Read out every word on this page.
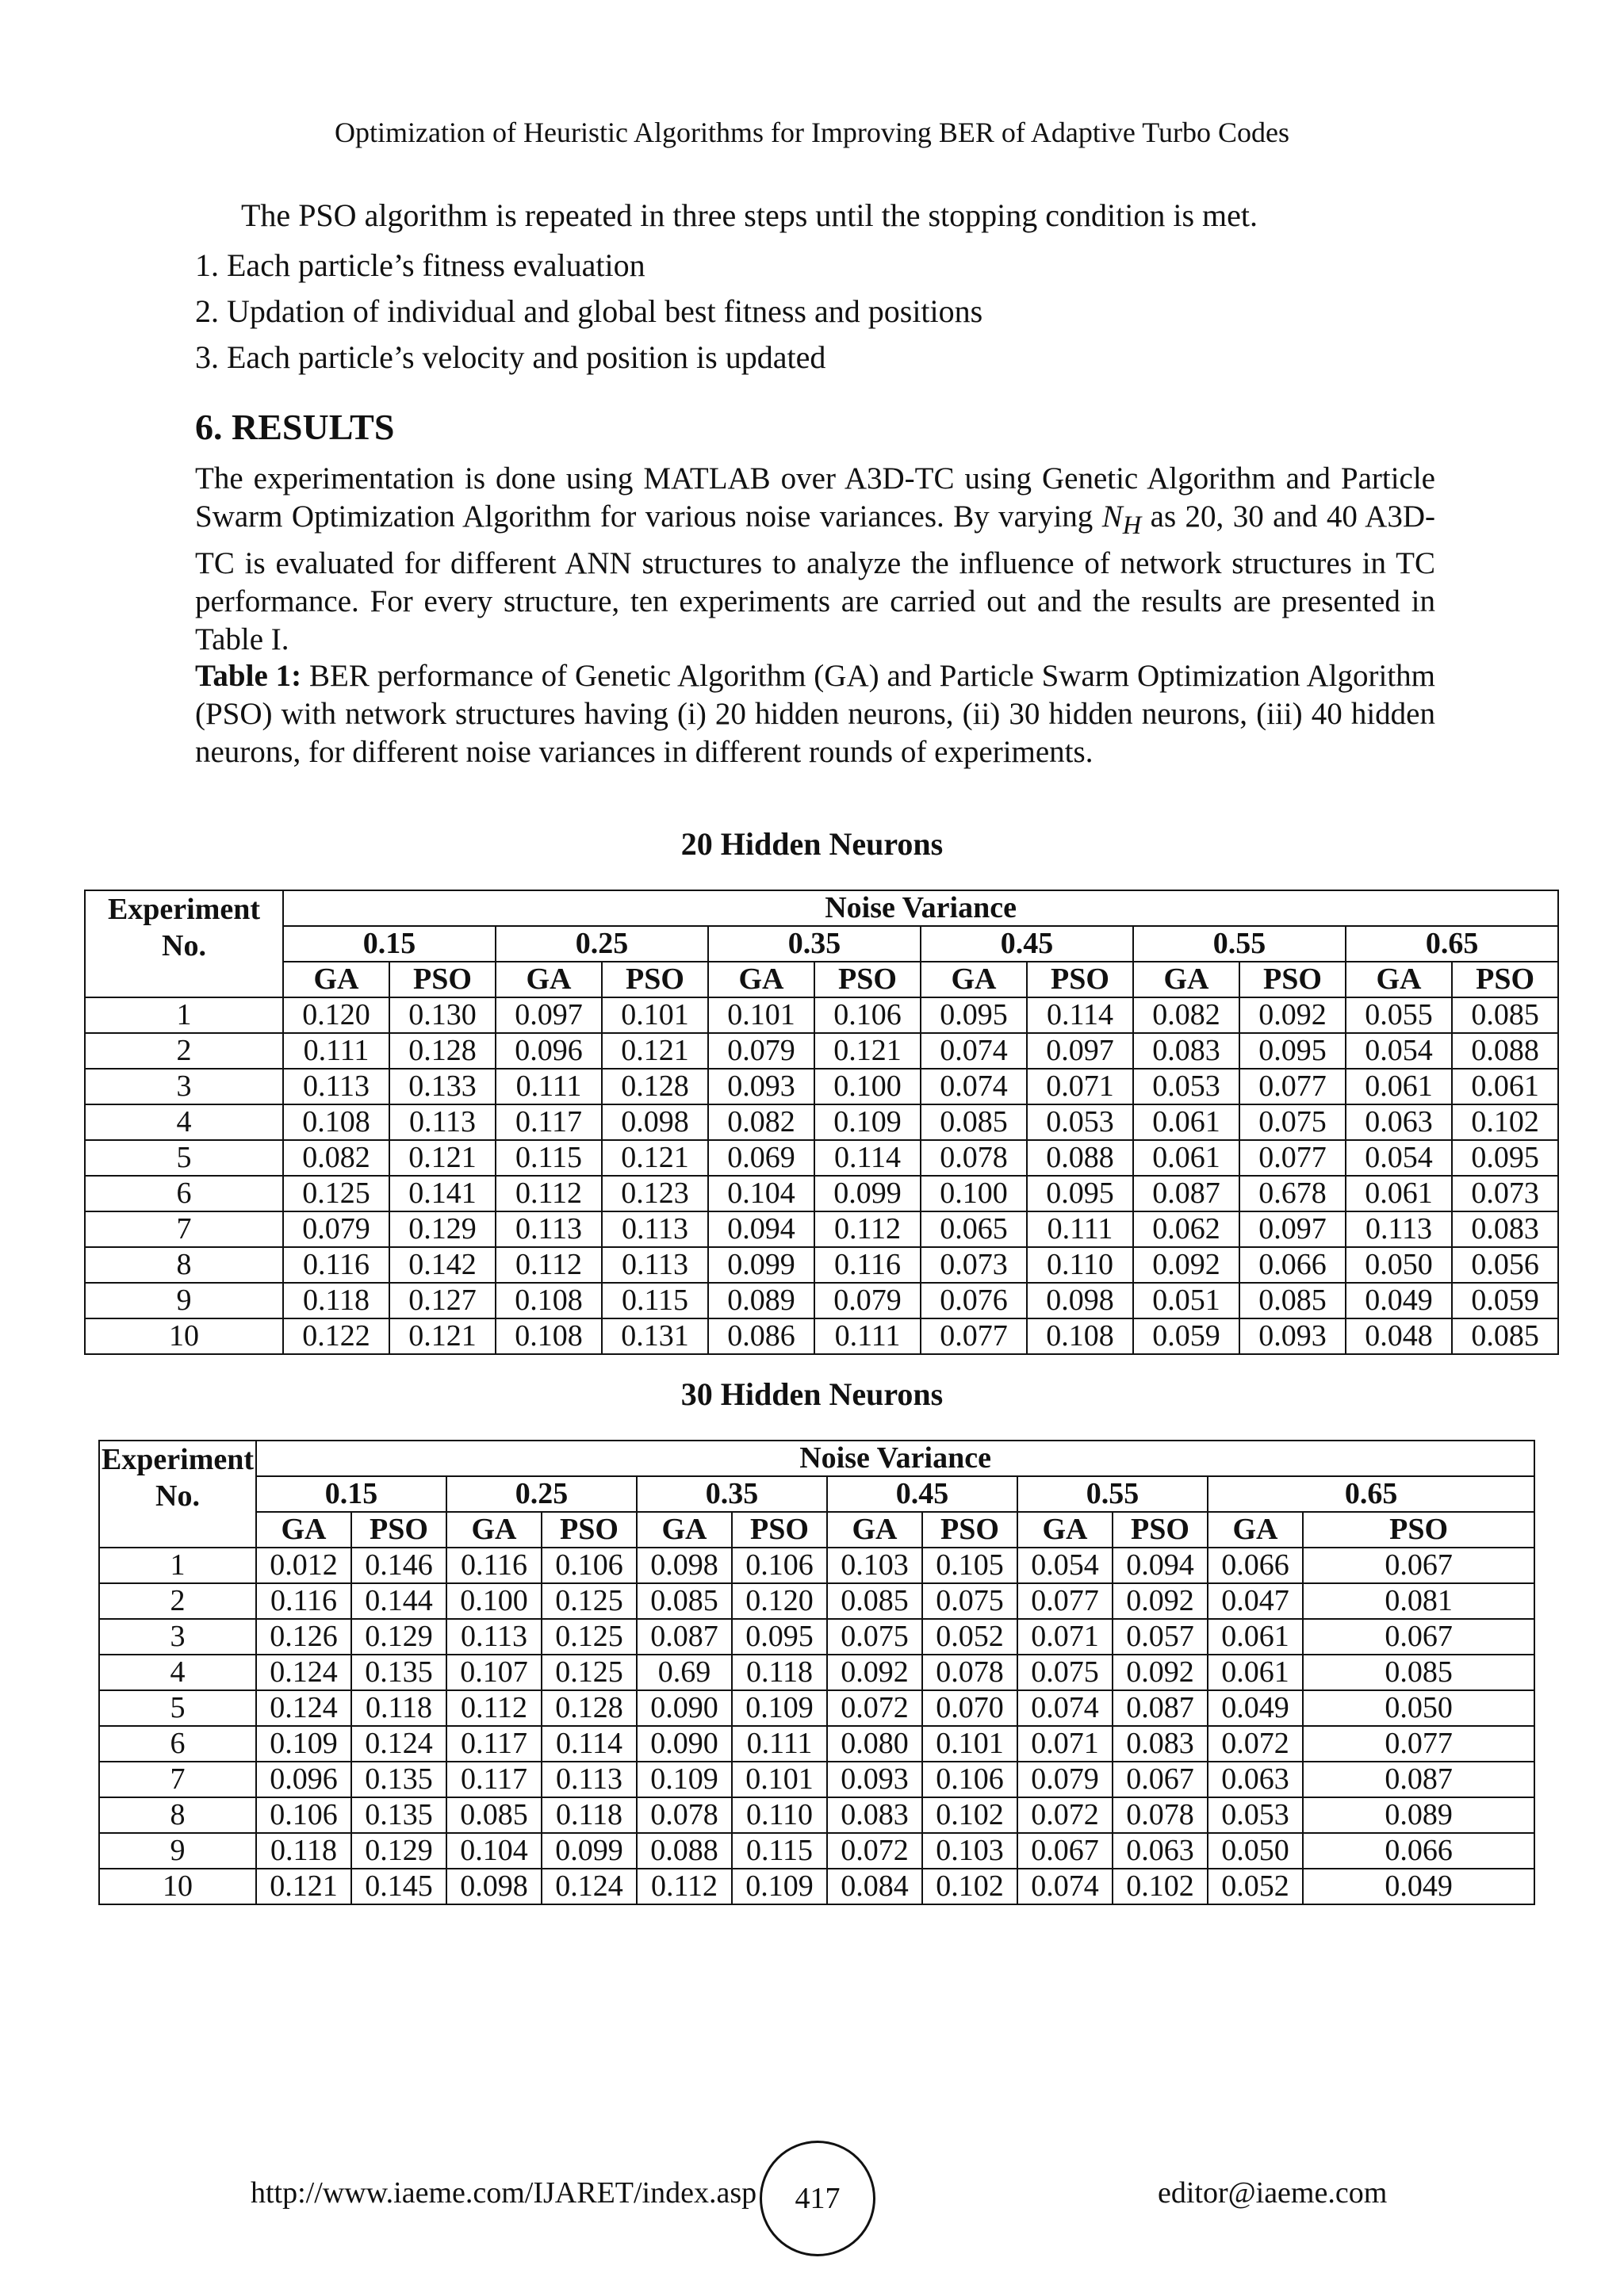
Optimization of Heuristic Algorithms for Improving BER of Adaptive Turbo Codes

The PSO algorithm is repeated in three steps until the stopping condition is met.

1. Each particle’s fitness evaluation
2. Updation of individual and global best fitness and positions
3. Each particle’s velocity and position is updated
6. RESULTS

The experimentation is done using MATLAB over A3D-TC using Genetic Algorithm and Particle Swarm Optimization Algorithm for various noise variances. By varying $N_H$ as 20, 30 and 40 A3D-TC is evaluated for different ANN structures to analyze the influence of network structures in TC performance. For every structure, ten experiments are carried out and the results are presented in Table I.

Table 1: BER performance of Genetic Algorithm (GA) and Particle Swarm Optimization Algorithm (PSO) with network structures having (i) 20 hidden neurons, (ii) 30 hidden neurons, (iii) 40 hidden neurons, for different noise variances in different rounds of experiments.

20 Hidden Neurons
Experiment
No.	Noise Variance											
	0.15		0.25		0.35		0.45		0.55		0.65	
	GA	PSO	GA	PSO	GA	PSO	GA	PSO	GA	PSO	GA	PSO
1	0.120	0.130	0.097	0.101	0.101	0.106	0.095	0.114	0.082	0.092	0.055	0.085
2	0.111	0.128	0.096	0.121	0.079	0.121	0.074	0.097	0.083	0.095	0.054	0.088
3	0.113	0.133	0.111	0.128	0.093	0.100	0.074	0.071	0.053	0.077	0.061	0.061
4	0.108	0.113	0.117	0.098	0.082	0.109	0.085	0.053	0.061	0.075	0.063	0.102
5	0.082	0.121	0.115	0.121	0.069	0.114	0.078	0.088	0.061	0.077	0.054	0.095
6	0.125	0.141	0.112	0.123	0.104	0.099	0.100	0.095	0.087	0.678	0.061	0.073
7	0.079	0.129	0.113	0.113	0.094	0.112	0.065	0.111	0.062	0.097	0.113	0.083
8	0.116	0.142	0.112	0.113	0.099	0.116	0.073	0.110	0.092	0.066	0.050	0.056
9	0.118	0.127	0.108	0.115	0.089	0.079	0.076	0.098	0.051	0.085	0.049	0.059
10	0.122	0.121	0.108	0.131	0.086	0.111	0.077	0.108	0.059	0.093	0.048	0.085
30 Hidden Neurons
Experiment
No.	Noise Variance											
	0.15		0.25		0.35		0.45		0.55		0.65	
	GA	PSO	GA	PSO	GA	PSO	GA	PSO	GA	PSO	GA	PSO
1	0.012	0.146	0.116	0.106	0.098	0.106	0.103	0.105	0.054	0.094	0.066	0.067
2	0.116	0.144	0.100	0.125	0.085	0.120	0.085	0.075	0.077	0.092	0.047	0.081
3	0.126	0.129	0.113	0.125	0.087	0.095	0.075	0.052	0.071	0.057	0.061	0.067
4	0.124	0.135	0.107	0.125	0.69	0.118	0.092	0.078	0.075	0.092	0.061	0.085
5	0.124	0.118	0.112	0.128	0.090	0.109	0.072	0.070	0.074	0.087	0.049	0.050
6	0.109	0.124	0.117	0.114	0.090	0.111	0.080	0.101	0.071	0.083	0.072	0.077
7	0.096	0.135	0.117	0.113	0.109	0.101	0.093	0.106	0.079	0.067	0.063	0.087
8	0.106	0.135	0.085	0.118	0.078	0.110	0.083	0.102	0.072	0.078	0.053	0.089
9	0.118	0.129	0.104	0.099	0.088	0.115	0.072	0.103	0.067	0.063	0.050	0.066
10	0.121	0.145	0.098	0.124	0.112	0.109	0.084	0.102	0.074	0.102	0.052	0.049
http://www.iaeme.com/IJARET/index.asp	417	editor@iaeme.com
